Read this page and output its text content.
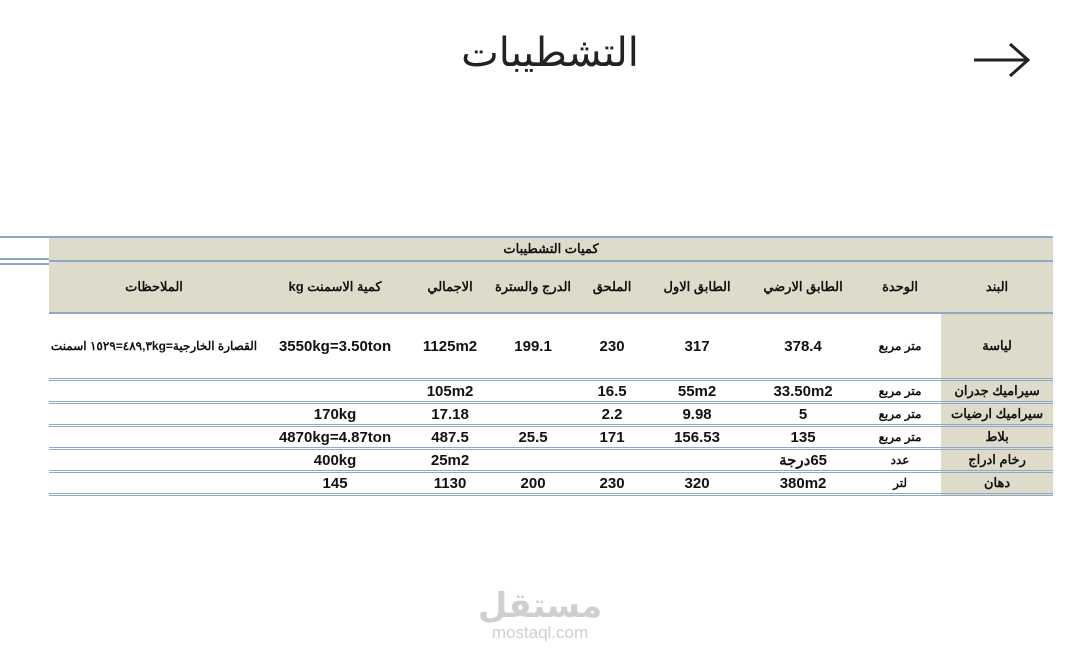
التشطيبات
كميات التشطيبات								
البند	الوحدة	الطابق الارضي	الطابق الاول	الملحق	الدرج والسترة	الاجمالي	كمية الاسمنت kg	الملاحظات
لياسة	متر مربع	378.4	317	230	199.1	1125m2	3550kg=3.50ton	القصارة الخارجية=٤٨٩,٣kg=١٥٢٩ اسمنت
سيراميك جدران	متر مربع	33.50m2	55m2	16.5		105m2		
سيراميك ارضيات	متر مربع	5	9.98	2.2		17.18	170kg	
بلاط	متر مربع	135	156.53	171	25.5	487.5	4870kg=4.87ton	
رخام ادراج	عدد	65درجة				25m2	400kg	
دهان	لتر	380m2	320	230	200	1130	145	
مستقل
mostaql.com
